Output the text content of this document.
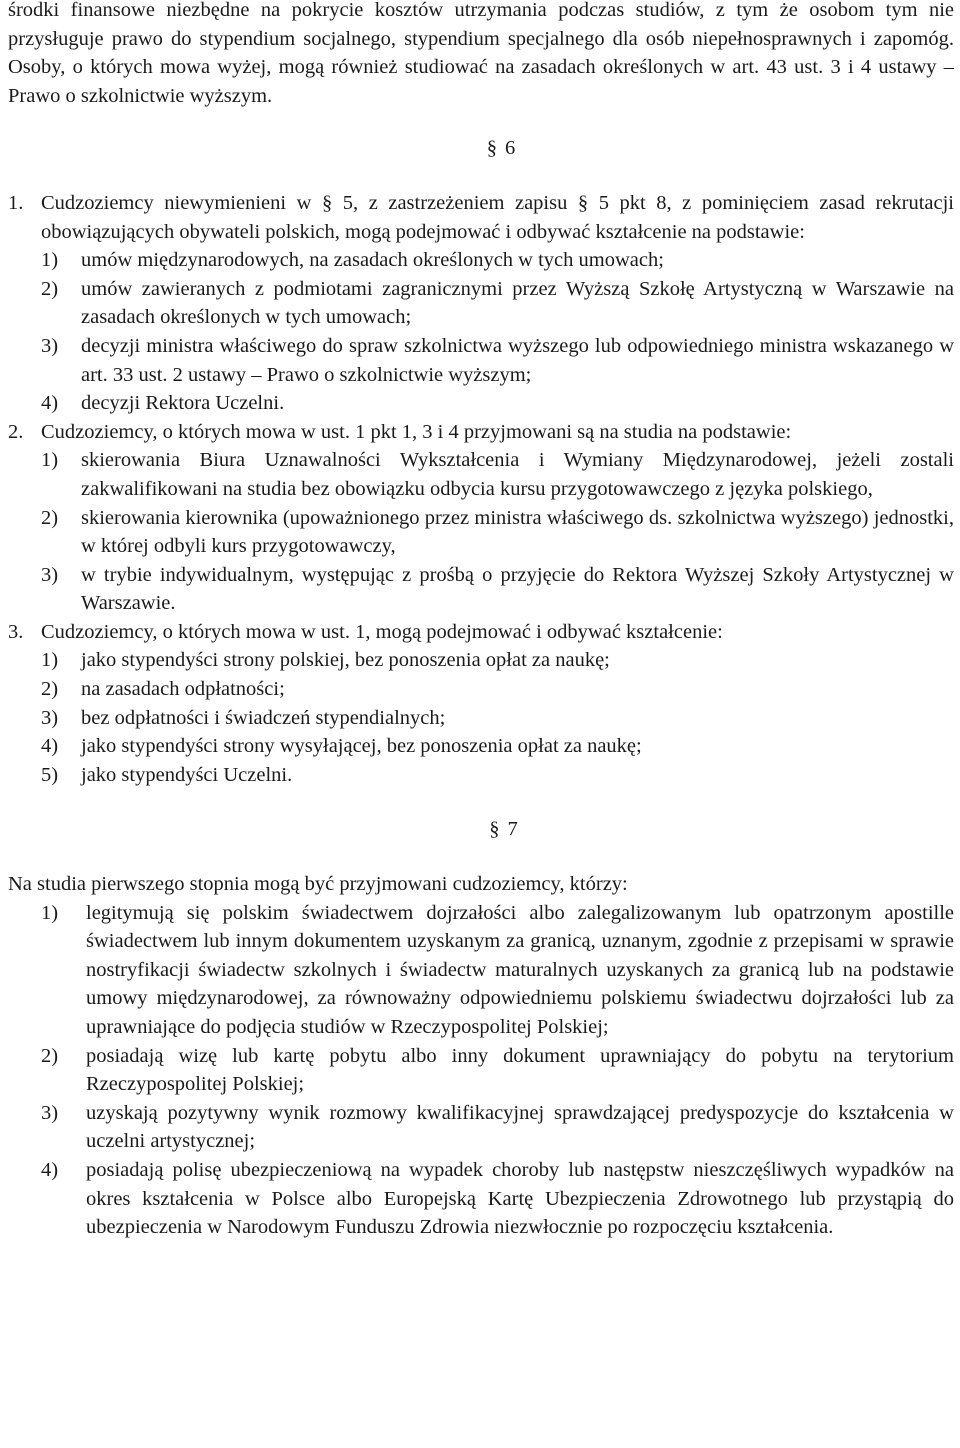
środki finansowe niezbędne na pokrycie kosztów utrzymania podczas studiów, z tym że osobom tym nie przysługuje prawo do stypendium socjalnego, stypendium specjalnego dla osób niepełnosprawnych i zapomóg. Osoby, o których mowa wyżej, mogą również studiować na zasadach określonych w art. 43 ust. 3 i 4 ustawy – Prawo o szkolnictwie wyższym.

§ 6
1. Cudzoziemcy niewymienieni w § 5, z zastrzeżeniem zapisu § 5 pkt 8, z pominięciem zasad rekrutacji obowiązujących obywateli polskich, mogą podejmować i odbywać kształcenie na podstawie:
1)	umów międzynarodowych, na zasadach określonych w tych umowach;
2)	umów zawieranych z podmiotami zagranicznymi przez Wyższą Szkołę Artystyczną w Warszawie na zasadach określonych w tych umowach;
3)	decyzji ministra właściwego do spraw szkolnictwa wyższego lub odpowiedniego ministra wskazanego w art. 33 ust. 2 ustawy – Prawo o szkolnictwie wyższym;
4)	decyzji Rektora Uczelni.
2. Cudzoziemcy, o których mowa w ust. 1 pkt 1, 3 i 4 przyjmowani są na studia na podstawie:
1)	skierowania Biura Uznawalności Wykształcenia i Wymiany Międzynarodowej, jeżeli zostali zakwalifikowani na studia bez obowiązku odbycia kursu przygotowawczego z języka polskiego,
2)	skierowania kierownika (upoważnionego przez ministra właściwego ds. szkolnictwa wyższego) jednostki, w której odbyli kurs przygotowawczy,
3)	w trybie indywidualnym, występując z prośbą o przyjęcie do Rektora Wyższej Szkoły Artystycznej w Warszawie.
3. Cudzoziemcy, o których mowa w ust. 1, mogą podejmować i odbywać kształcenie:
1)	jako stypendyści strony polskiej, bez ponoszenia opłat za naukę;
2)	na zasadach odpłatności;
3)	bez odpłatności i świadczeń stypendialnych;
4)	jako stypendyści strony wysyłającej, bez ponoszenia opłat za naukę;
5)	jako stypendyści Uczelni.
§ 7

Na studia pierwszego stopnia mogą być przyjmowani cudzoziemcy, którzy:

1)	legitymują się polskim świadectwem dojrzałości albo zalegalizowanym lub opatrzonym apostille świadectwem lub innym dokumentem uzyskanym za granicą, uznanym, zgodnie z przepisami w sprawie nostryfikacji świadectw szkolnych i świadectw maturalnych uzyskanych za granicą lub na podstawie umowy międzynarodowej, za równoważny odpowiedniemu polskiemu świadectwu dojrzałości lub za uprawniające do podjęcia studiów w Rzeczypospolitej Polskiej;
2)	posiadają wizę lub kartę pobytu albo inny dokument uprawniający do pobytu na terytorium Rzeczypospolitej Polskiej;
3)	uzyskają pozytywny wynik rozmowy kwalifikacyjnej sprawdzającej predyspozycje do kształcenia w uczelni artystycznej;
4)	posiadają polisę ubezpieczeniową na wypadek choroby lub następstw nieszczęśliwych wypadków na okres kształcenia w Polsce albo Europejską Kartę Ubezpieczenia Zdrowotnego lub przystąpią do ubezpieczenia w Narodowym Funduszu Zdrowia niezwłocznie po rozpoczęciu kształcenia.
